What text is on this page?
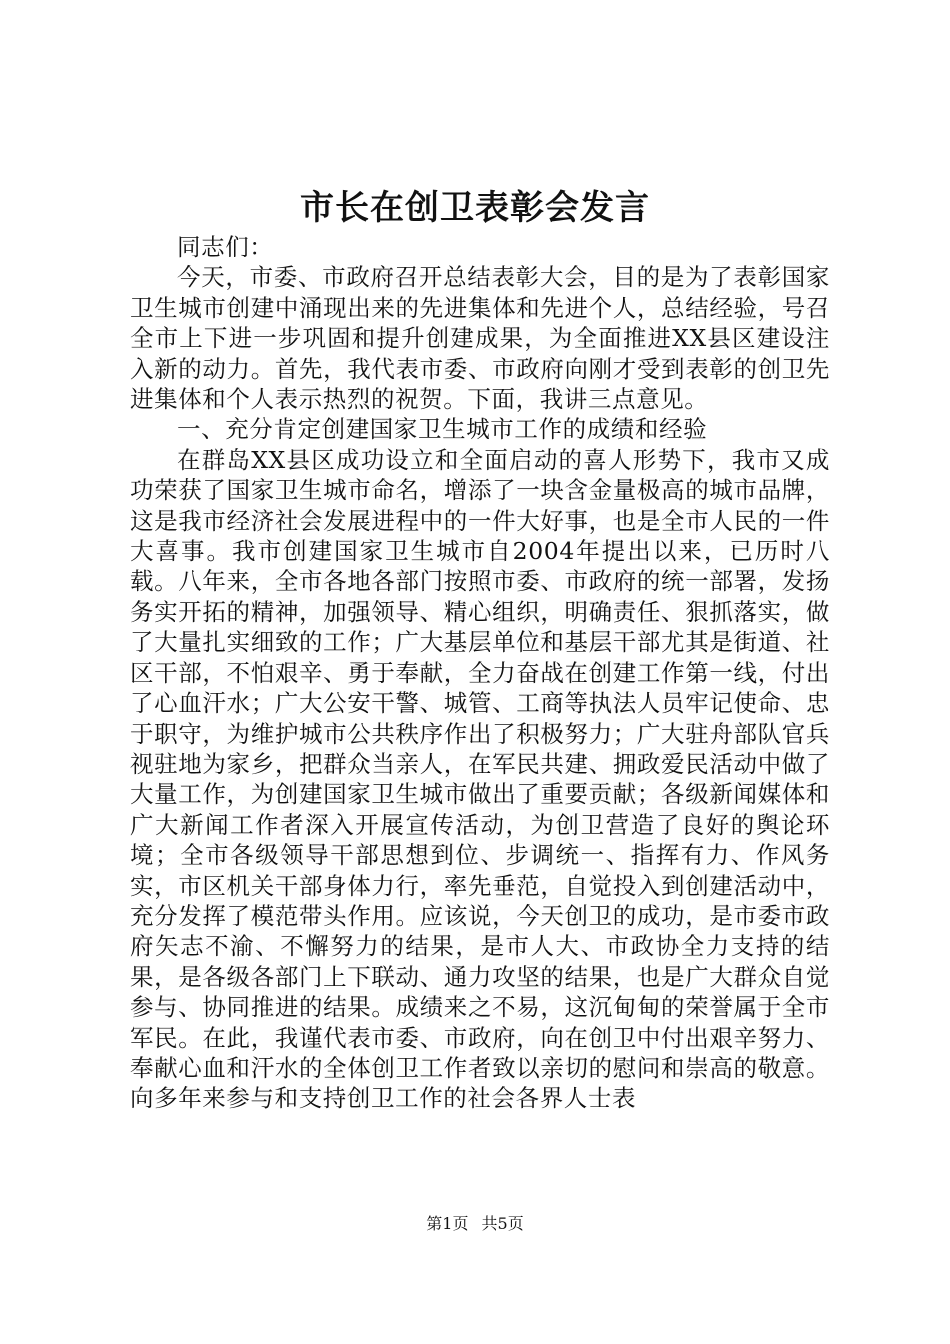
市长在创卫表彰会发言

同志们：

今天，市委、市政府召开总结表彰大会，目的是为了表彰国家卫生城市创建中涌现出来的先进集体和先进个人，总结经验，号召全市上下进一步巩固和提升创建成果，为全面推进XX县区建设注入新的动力。首先，我代表市委、市政府向刚才受到表彰的创卫先进集体和个人表示热烈的祝贺。下面，我讲三点意见。

一、充分肯定创建国家卫生城市工作的成绩和经验

在群岛XX县区成功设立和全面启动的喜人形势下，我市又成功荣获了国家卫生城市命名，增添了一块含金量极高的城市品牌，这是我市经济社会发展进程中的一件大好事，也是全市人民的一件大喜事。我市创建国家卫生城市自2004年提出以来，已历时八载。八年来，全市各地各部门按照市委、市政府的统一部署，发扬务实开拓的精神，加强领导、精心组织，明确责任、狠抓落实，做了大量扎实细致的工作；广大基层单位和基层干部尤其是街道、社区干部，不怕艰辛、勇于奉献，全力奋战在创建工作第一线，付出了心血汗水；广大公安干警、城管、工商等执法人员牢记使命、忠于职守，为维护城市公共秩序作出了积极努力；广大驻舟部队官兵视驻地为家乡，把群众当亲人，在军民共建、拥政爱民活动中做了大量工作，为创建国家卫生城市做出了重要贡献；各级新闻媒体和广大新闻工作者深入开展宣传活动，为创卫营造了良好的舆论环境；全市各级领导干部思想到位、步调统一、指挥有力、作风务实，市区机关干部身体力行，率先垂范，自觉投入到创建活动中，充分发挥了模范带头作用。应该说，今天创卫的成功，是市委市政府矢志不渝、不懈努力的结果，是市人大、市政协全力支持的结果，是各级各部门上下联动、通力攻坚的结果，也是广大群众自觉参与、协同推进的结果。成绩来之不易，这沉甸甸的荣誉属于全市军民。在此，我谨代表市委、市政府，向在创卫中付出艰辛努力、奉献心血和汗水的全体创卫工作者致以亲切的慰问和崇高的敬意。向多年来参与和支持创卫工作的社会各界人士表

第1页 共5页
